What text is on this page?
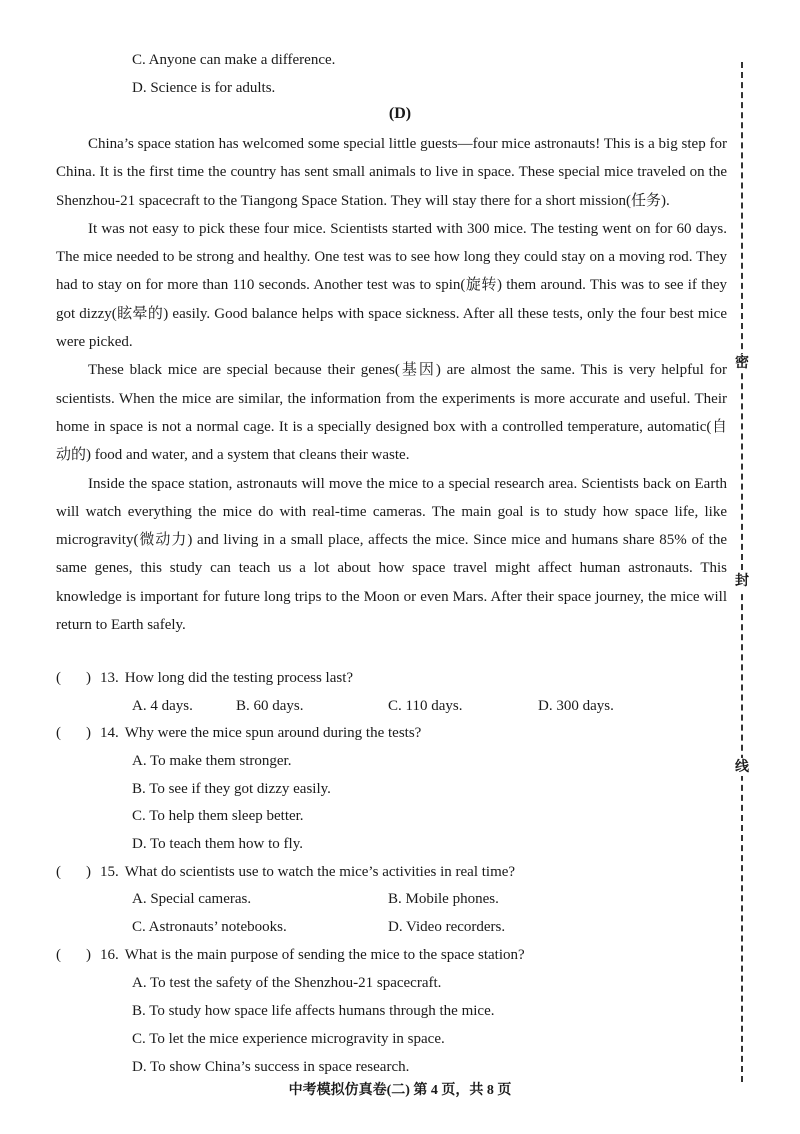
C. Anyone can make a difference.
D. Science is for adults.
(D)

China’s space station has welcomed some special little guests—four mice astronauts! This is a big step for China. It is the first time the country has sent small animals to live in space. These special mice traveled on the Shenzhou-21 spacecraft to the Tiangong Space Station. They will stay there for a short mission(任务).

It was not easy to pick these four mice. Scientists started with 300 mice. The testing went on for 60 days. The mice needed to be strong and healthy. One test was to see how long they could stay on a moving rod. They had to stay on for more than 110 seconds. Another test was to spin(旋转) them around. This was to see if they got dizzy(眩晕的) easily. Good balance helps with space sickness. After all these tests, only the four best mice were picked.

These black mice are special because their genes(基因) are almost the same. This is very helpful for scientists. When the mice are similar, the information from the experiments is more accurate and useful. Their home in space is not a normal cage. It is a specially designed box with a controlled temperature, automatic(自动的) food and water, and a system that cleans their waste.

Inside the space station, astronauts will move the mice to a special research area. Scientists back on Earth will watch everything the mice do with real-time cameras. The main goal is to study how space life, like microgravity(微动力) and living in a small place, affects the mice. Since mice and humans share 85% of the same genes, this study can teach us a lot about how space travel might affect human astronauts. This knowledge is important for future long trips to the Moon or even Mars. After their space journey, the mice will return to Earth safely.

( ) 13. How long did the testing process last?
A. 4 days.	B. 60 days.	C. 110 days.	D. 300 days.
( ) 14. Why were the mice spun around during the tests?
A. To make them stronger.
B. To see if they got dizzy easily.
C. To help them sleep better.
D. To teach them how to fly.
( ) 15. What do scientists use to watch the mice’s activities in real time?
A. Special cameras.	B. Mobile phones.
C. Astronauts’ notebooks.	D. Video recorders.
( ) 16. What is the main purpose of sending the mice to the space station?
A. To test the safety of the Shenzhou-21 spacecraft.
B. To study how space life affects humans through the mice.
C. To let the mice experience microgravity in space.
D. To show China’s success in space research.
中考模拟仿真卷(二) 第 4 页，共 8 页
密
封
线
